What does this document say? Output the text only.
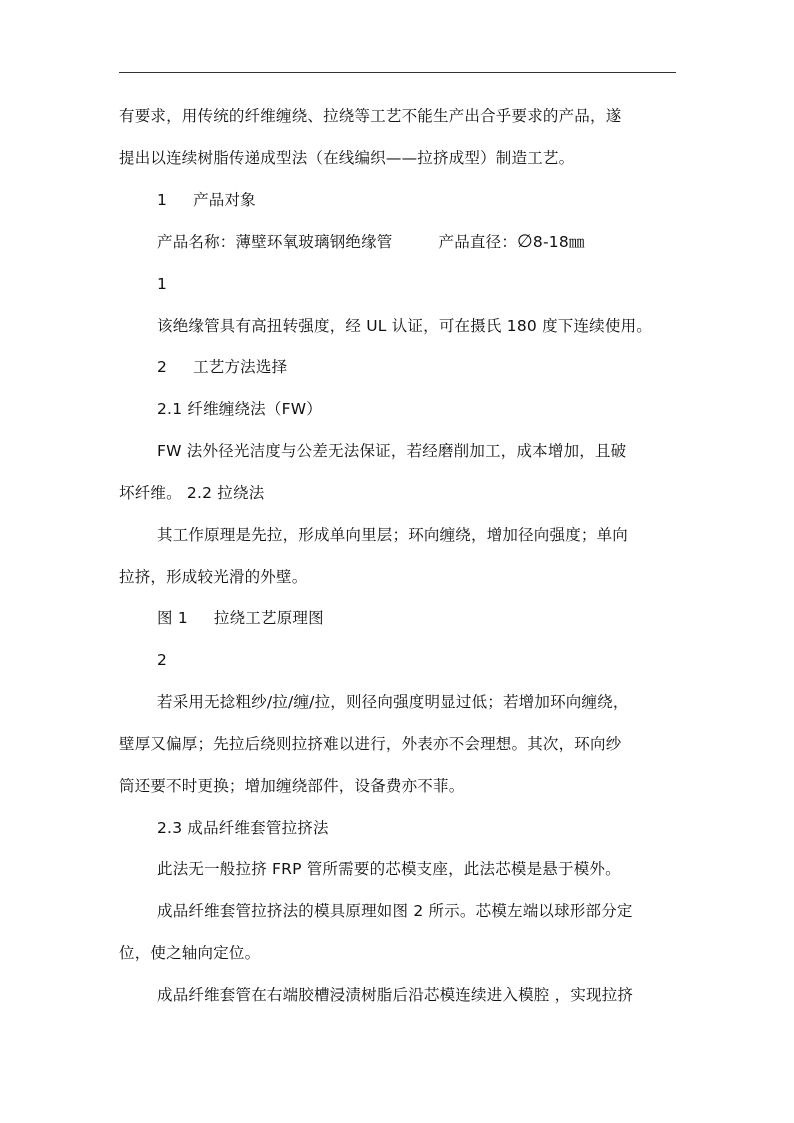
有要求，用传统的纤维缠绕、拉绕等工艺不能生产出合乎要求的产品，遂
提出以连续树脂传递成型法（在线编织——拉挤成型）制造工艺。
1 产品对象
产品名称：薄壁环氧玻璃钢绝缘管	产品直径：∅8-18㎜
1
该绝缘管具有高扭转强度，经 UL 认证，可在摄氏 180 度下连续使用。
2 工艺方法选择
2.1 纤维缠绕法（FW）
FW 法外径光洁度与公差无法保证，若经磨削加工，成本增加，且破
坏纤维。 2.2 拉绕法
其工作原理是先拉，形成单向里层；环向缠绕，增加径向强度；单向
拉挤，形成较光滑的外壁。
图 1 拉绕工艺原理图
2
若采用无捻粗纱/拉/缠/拉，则径向强度明显过低；若增加环向缠绕，
壁厚又偏厚；先拉后绕则拉挤难以进行，外表亦不会理想。其次，环向纱
筒还要不时更换；增加缠绕部件，设备费亦不菲。
2.3 成品纤维套管拉挤法
此法无一般拉挤 FRP 管所需要的芯模支座，此法芯模是悬于模外。
成品纤维套管拉挤法的模具原理如图 2 所示。芯模左端以球形部分定
位，使之轴向定位。
成品纤维套管在右端胶槽浸渍树脂后沿芯模连续进入模腔 ，实现拉挤
